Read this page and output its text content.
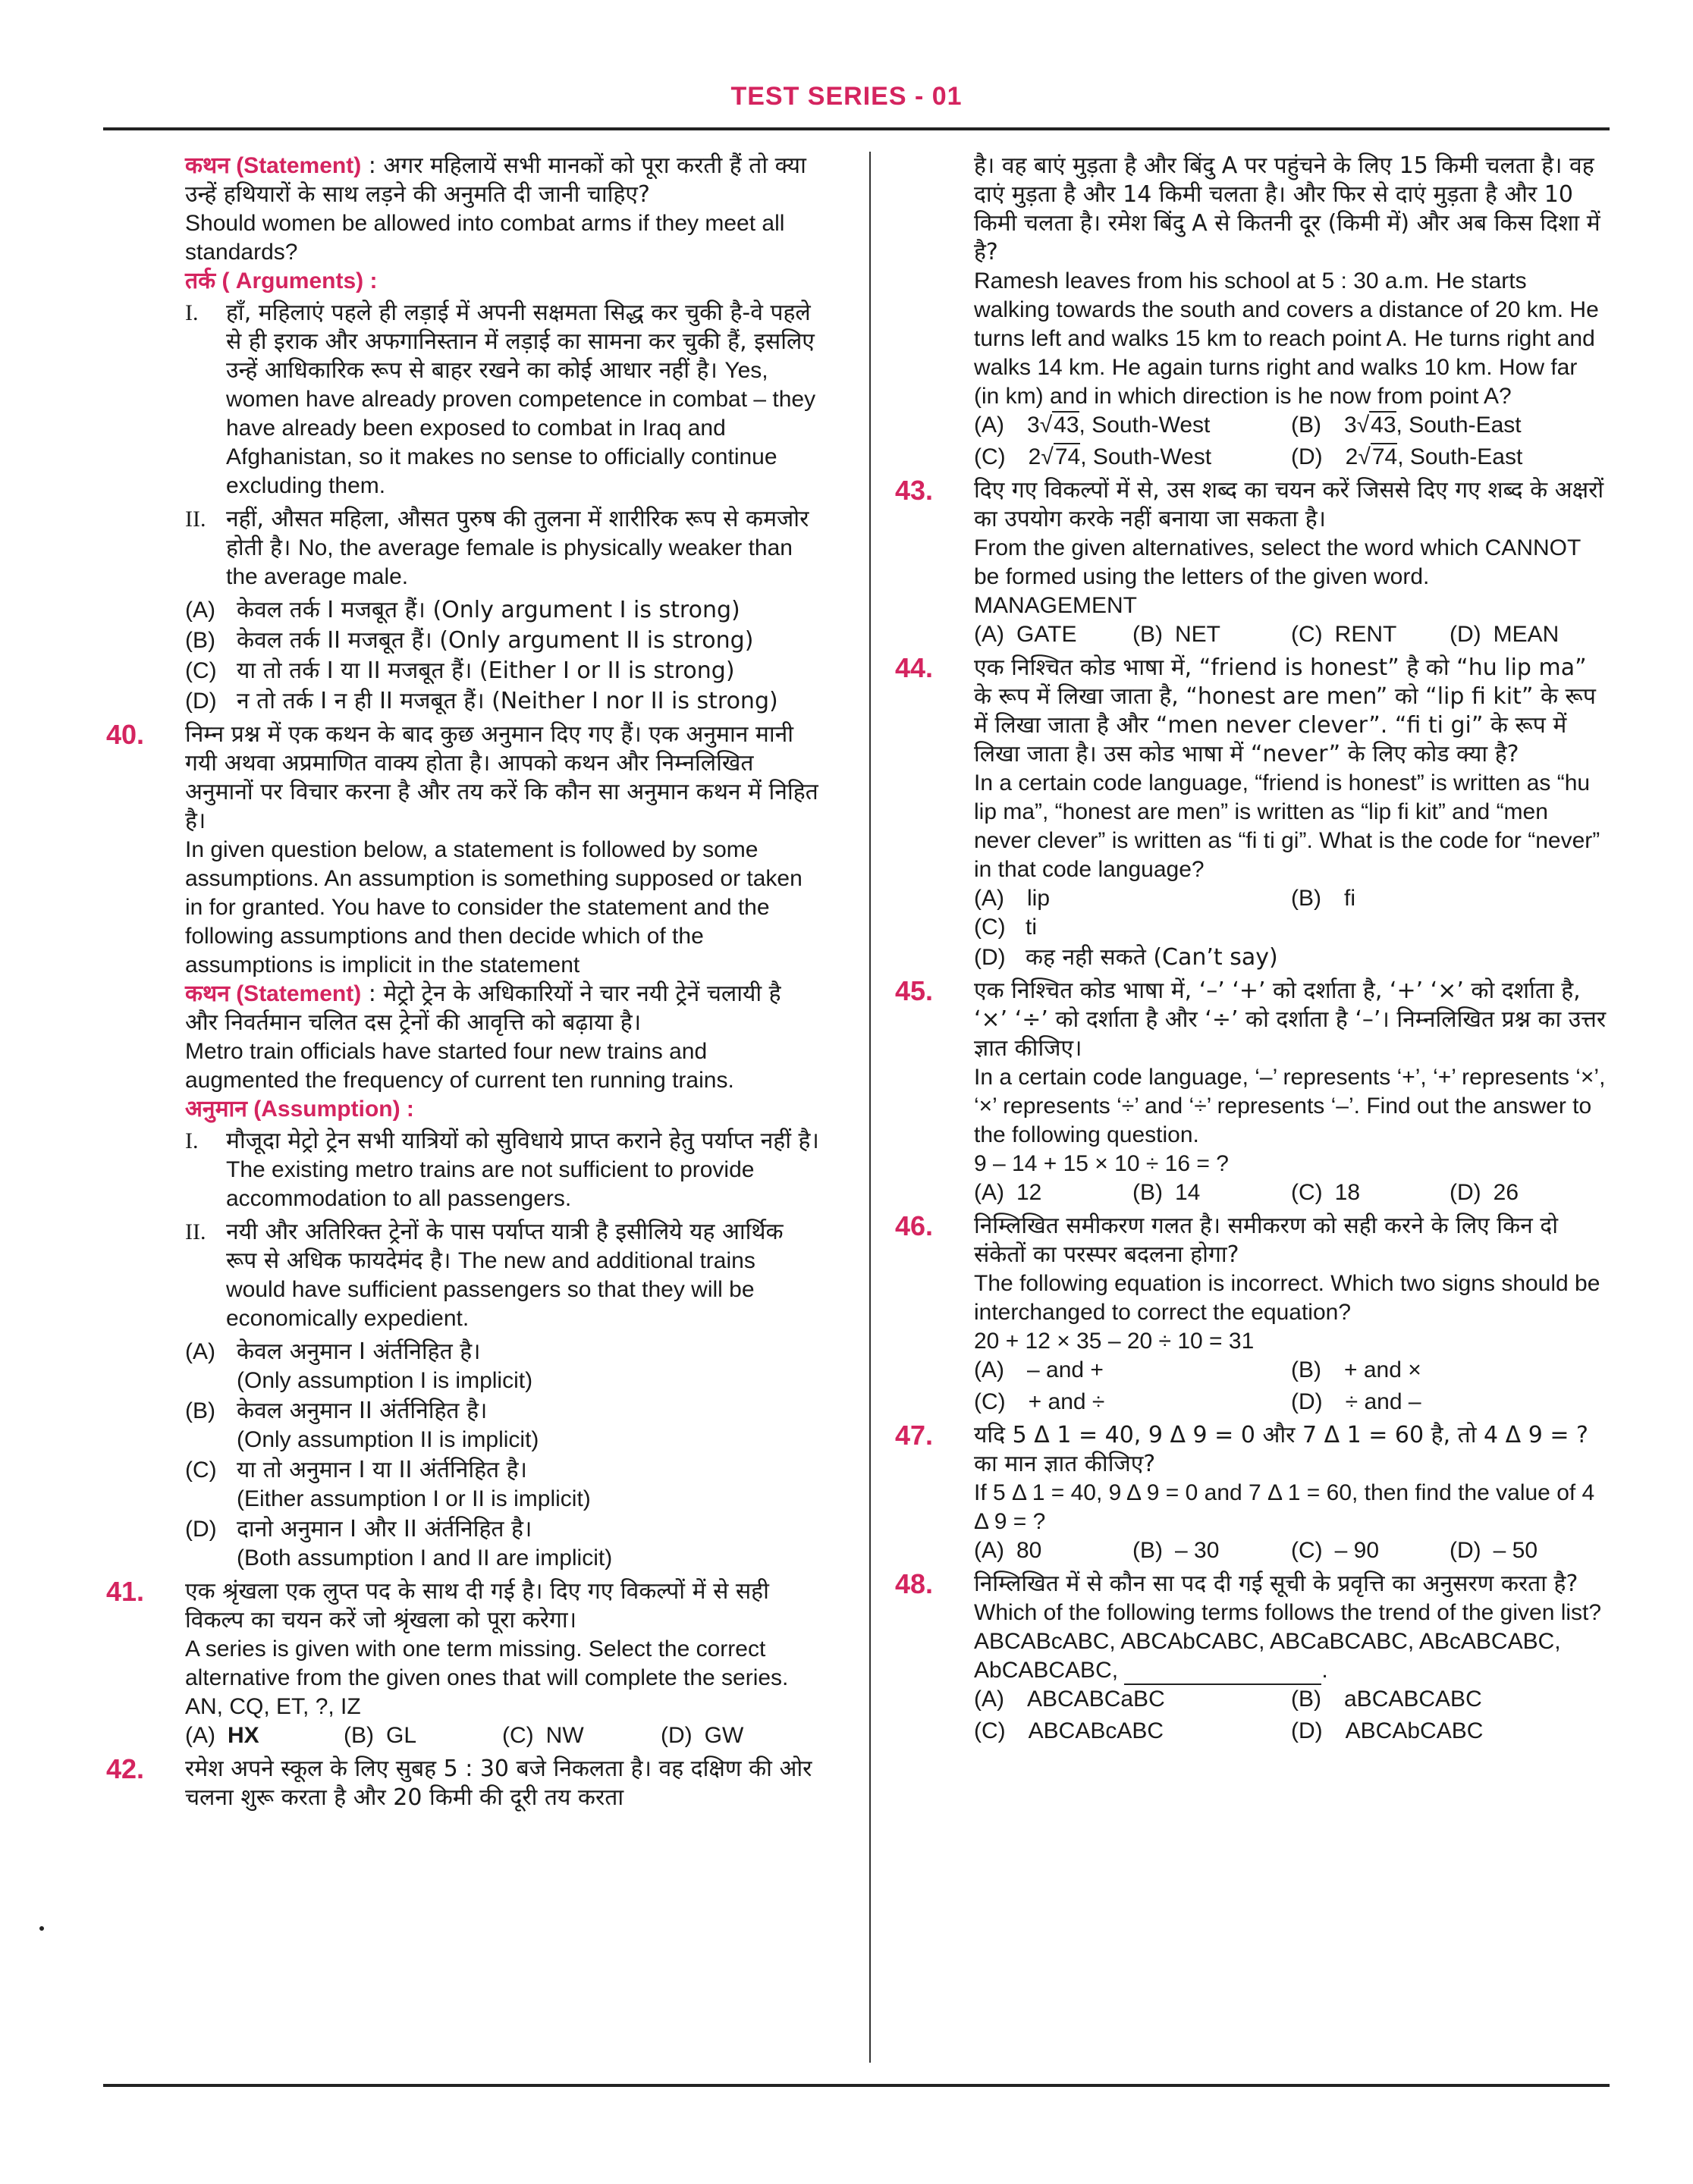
TEST SERIES - 01
कथन (Statement) : अगर महिलायें सभी मानकों को पूरा करती हैं तो क्या उन्हें हथियारों के साथ लड़ने की अनुमति दी जानी चाहिए?
Should women be allowed into combat arms if they meet all standards?
तर्क ( Arguments) :
I. हाँ, महिलाएं पहले ही लड़ाई में अपनी सक्षमता सिद्ध कर चुकी है-वे पहले से ही इराक और अफगानिस्तान में लड़ाई का सामना कर चुकी हैं, इसलिए उन्हें आधिकारिक रूप से बाहर रखने का कोई आधार नहीं है। Yes, women have already proven competence in combat – they have already been exposed to combat in Iraq and Afghanistan, so it makes no sense to officially continue excluding them.
II. नहीं, औसत महिला, औसत पुरुष की तुलना में शारीरिक रूप से कमजोर होती है। No, the average female is physically weaker than the average male.
(A) केवल तर्क I मजबूत हैं। (Only argument I is strong)
(B) केवल तर्क II मजबूत हैं। (Only argument II is strong)
(C) या तो तर्क I या II मजबूत हैं। (Either I or II is strong)
(D) न तो तर्क I न ही II मजबूत हैं। (Neither I nor II is strong)
40.	निम्न प्रश्न में एक कथन के बाद कुछ अनुमान दिए गए हैं। एक अनुमान मानी गयी अथवा अप्रमाणित वाक्य होता है। आपको कथन और निम्नलिखित अनुमानों पर विचार करना है और तय करें कि कौन सा अनुमान कथन में निहित है।
In given question below, a statement is followed by some assumptions. An assumption is something supposed or taken in for granted. You have to consider the statement and the following assumptions and then decide which of the assumptions is implicit in the statement
कथन (Statement) : मेट्रो ट्रेन के अधिकारियों ने चार नयी ट्रेनें चलायी है और निवर्तमान चलित दस ट्रेनों की आवृत्ति को बढ़ाया है।
Metro train officials have started four new trains and augmented the frequency of current ten running trains.
अनुमान (Assumption) :
I. मौजूदा मेट्रो ट्रेन सभी यात्रियों को सुविधाये प्राप्त कराने हेतु पर्याप्त नहीं है। The existing metro trains are not sufficient to provide accommodation to all passengers.
II. नयी और अतिरिक्त ट्रेनों के पास पर्याप्त यात्री है इसीलिये यह आर्थिक रूप से अधिक फायदेमंद है। The new and additional trains would have sufficient passengers so that they will be economically expedient.
(A) केवल अनुमान I अंर्तनिहित है।
(Only assumption I is implicit)
(B) केवल अनुमान II अंर्तनिहित है।
(Only assumption II is implicit)
(C) या तो अनुमान I या II अंर्तनिहित है।
(Either assumption I or II is implicit)
(D) दानो अनुमान I और II अंर्तनिहित है।
(Both assumption I and II are implicit)
41.	एक श्रृंखला एक लुप्त पद के साथ दी गई है। दिए गए विकल्पों में से सही विकल्प का चयन करें जो श्रृंखला को पूरा करेगा।
A series is given with one term missing. Select the correct alternative from the given ones that will complete the series.
AN, CQ, ET, ?, IZ
(A) HX	(B) GL	(C) NW	(D) GW
42.	रमेश अपने स्कूल के लिए सुबह 5 : 30 बजे निकलता है। वह दक्षिण की ओर चलना शुरू करता है और 20 किमी की दूरी तय करता
है। वह बाएं मुड़ता है और बिंदु A पर पहुंचने के लिए 15 किमी चलता है। वह दाएं मुड़ता है और 14 किमी चलता है। और फिर से दाएं मुड़ता है और 10 किमी चलता है। रमेश बिंदु A से कितनी दूर (किमी में) और अब किस दिशा में है?
Ramesh leaves from his school at 5 : 30 a.m. He starts walking towards the south and covers a distance of 20 km. He turns left and walks 15 km to reach point A. He turns right and walks 14 km. He again turns right and walks 10 km. How far (in km) and in which direction is he now from point A?
(A) 3√43, South-West	(B) 3√43, South-East
(C) 2√74, South-West	(D) 2√74, South-East
43.	दिए गए विकल्पों में से, उस शब्द का चयन करें जिससे दिए गए शब्द के अक्षरों का उपयोग करके नहीं बनाया जा सकता है।
From the given alternatives, select the word which CANNOT be formed using the letters of the given word.
MANAGEMENT
(A) GATE (B) NET	(C) RENT (D) MEAN
44.	एक निश्चित कोड भाषा में, “friend is honest” है को “hu lip ma” के रूप में लिखा जाता है, “honest are men” को “lip fi kit” के रूप में लिखा जाता है और “men never clever”. “fi ti gi” के रूप में लिखा जाता है। उस कोड भाषा में “never” के लिए कोड क्या है?
In a certain code language, “friend is honest” is written as “hu lip ma”, “honest are men” is written as “lip fi kit” and “men never clever” is written as “fi ti gi”. What is the code for “never” in that code language?
(A) lip	(B) fi
(C) ti
(D) कह नही सकते (Can’t say)
45.	एक निश्चित कोड भाषा में, ‘–’ ‘+’ को दर्शाता है, ‘+’ ‘×’ को दर्शाता है, ‘×’ ‘÷’ को दर्शाता है और ‘÷’ को दर्शाता है ‘–’। निम्नलिखित प्रश्न का उत्तर ज्ञात कीजिए।
In a certain code language, ‘–’ represents ‘+’, ‘+’ represents ‘×’, ‘×’ represents ‘÷’ and ‘÷’ represents ‘–’. Find out the answer to the following question.
9 – 14 + 15 × 10 ÷ 16 = ?
(A) 12	(B) 14	(C) 18	(D) 26
46.	निम्लिखित समीकरण गलत है। समीकरण को सही करने के लिए किन दो संकेतों का परस्पर बदलना होगा?
The following equation is incorrect. Which two signs should be interchanged to correct the equation?
20 + 12 × 35 – 20 ÷ 10 = 31
(A) – and +	(B) + and ×
(C) + and ÷	(D) ÷ and –
47.	यदि 5 Δ 1 = 40, 9 Δ 9 = 0 और 7 Δ 1 = 60 है, तो 4 Δ 9 = ? का मान ज्ञात कीजिए?
If 5 Δ 1 = 40, 9 Δ 9 = 0 and 7 Δ 1 = 60, then find the value of 4 Δ 9 = ?
(A) 80	(B) – 30	(C) – 90	(D) – 50
48.	निम्लिखित में से कौन सा पद दी गई सूची के प्रवृत्ति का अनुसरण करता है?
Which of the following terms follows the trend of the given list?
ABCABcABC, ABCAbCABC, ABCaBCABC, ABcABCABC, AbCABCABC,	.
(A) ABCABCaBC	(B) aBCABCABC
(C) ABCABcABC	(D) ABCAbCABC
